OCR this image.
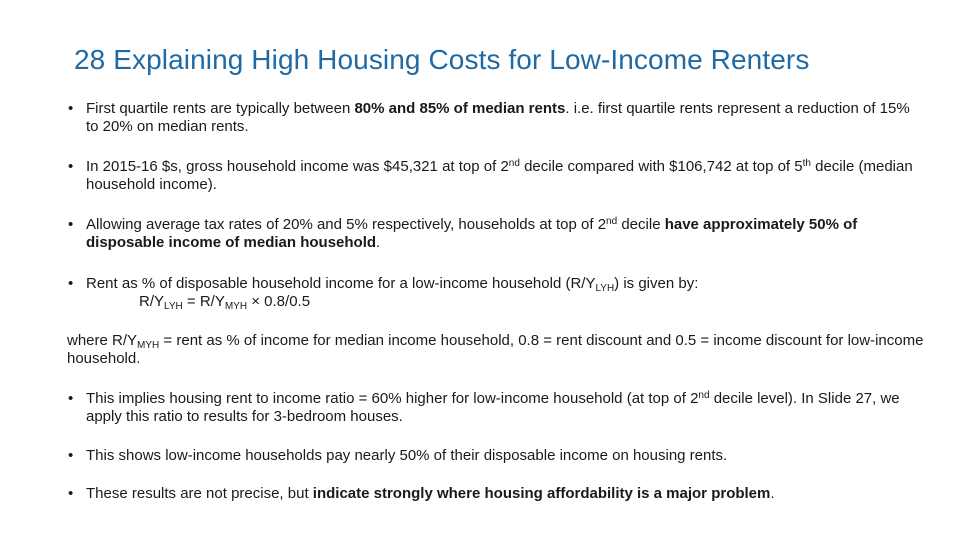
28 Explaining High Housing Costs for Low-Income Renters
• First quartile rents are typically between 80% and 85% of median rents. i.e. first quartile rents represent a reduction of 15% to 20% on median rents.
• In 2015-16 $s, gross household income was $45,321 at top of 2nd decile compared with $106,742 at top of 5th decile (median household income).
• Allowing average tax rates of 20% and 5% respectively, households at top of 2nd decile have approximately 50% of disposable income of median household.
• Rent as % of disposable household income for a low-income household $(R/Y_{LYH})$ is given by:
$R/Y_{LYH} = R/Y_{MYH} \times 0.8/0.5$
where $R/Y_{MYH}$ = rent as % of income for median income household, 0.8 = rent discount and 0.5 = income discount for low-income household.
• This implies housing rent to income ratio = 60% higher for low-income household (at top of 2nd decile level). In Slide 27, we apply this ratio to results for 3-bedroom houses.
• This shows low-income households pay nearly 50% of their disposable income on housing rents.
• These results are not precise, but indicate strongly where housing affordability is a major problem.
